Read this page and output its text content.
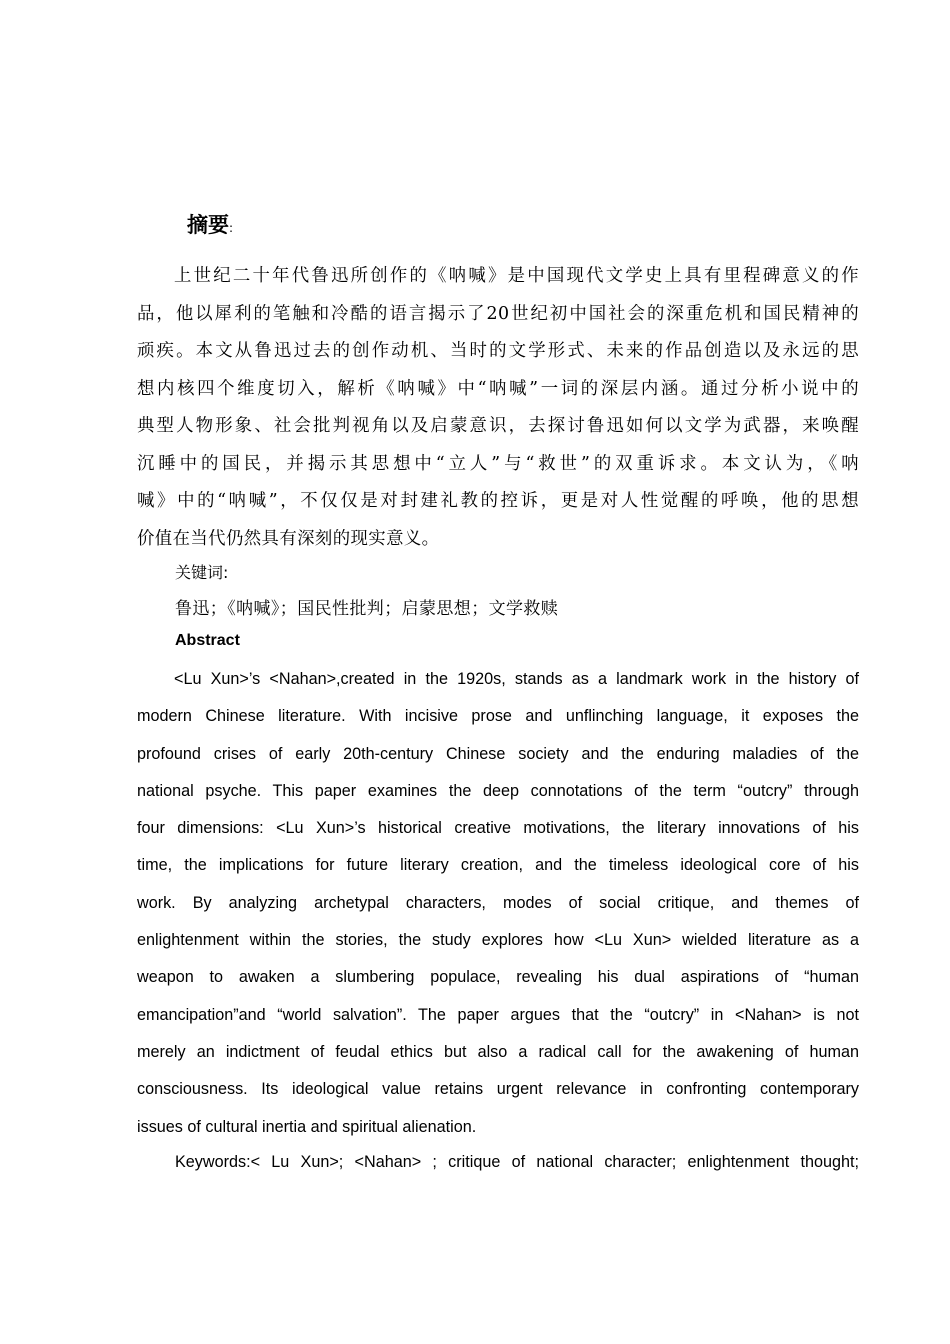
摘要:
上世纪二十年代鲁迅所创作的《呐喊》是中国现代文学史上具有里程碑意义的作
品，他以犀利的笔触和冷酷的语言揭示了20世纪初中国社会的深重危机和国民精神的
顽疾。本文从鲁迅过去的创作动机、当时的文学形式、未来的作品创造以及永远的思
想内核四个维度切入，解析《呐喊》中“呐喊”一词的深层内涵。通过分析小说中的
典型人物形象、社会批判视角以及启蒙意识，去探讨鲁迅如何以文学为武器，来唤醒
沉睡中的国民，并揭示其思想中“立人”与“救世”的双重诉求。本文认为，《呐
喊》中的“呐喊”，不仅仅是对封建礼教的控诉，更是对人性觉醒的呼唤，他的思想
价值在当代仍然具有深刻的现实意义。
关键词:
鲁迅；《呐喊》；国民性批判；启蒙思想；文学救赎
Abstract
<Lu Xun>’s <Nahan>,created in the 1920s, stands as a landmark work in the history of
modern Chinese literature. With incisive prose and unflinching language, it exposes the
profound crises of early 20th-century Chinese society and the enduring maladies of the
national psyche. This paper examines the deep connotations of the term “outcry” through
four dimensions: <Lu Xun>’s historical creative motivations, the literary innovations of his
time, the implications for future literary creation, and the timeless ideological core of his
work. By analyzing archetypal characters, modes of social critique, and themes of
enlightenment within the stories, the study explores how <Lu Xun> wielded literature as a
weapon to awaken a slumbering populace, revealing his dual aspirations of “human
emancipation”and “world salvation”. The paper argues that the “outcry” in <Nahan> is not
merely an indictment of feudal ethics but also a radical call for the awakening of human
consciousness. Its ideological value retains urgent relevance in confronting contemporary
issues of cultural inertia and spiritual alienation.
Keywords:< Lu Xun>; <Nahan> ; critique of national character; enlightenment thought;
